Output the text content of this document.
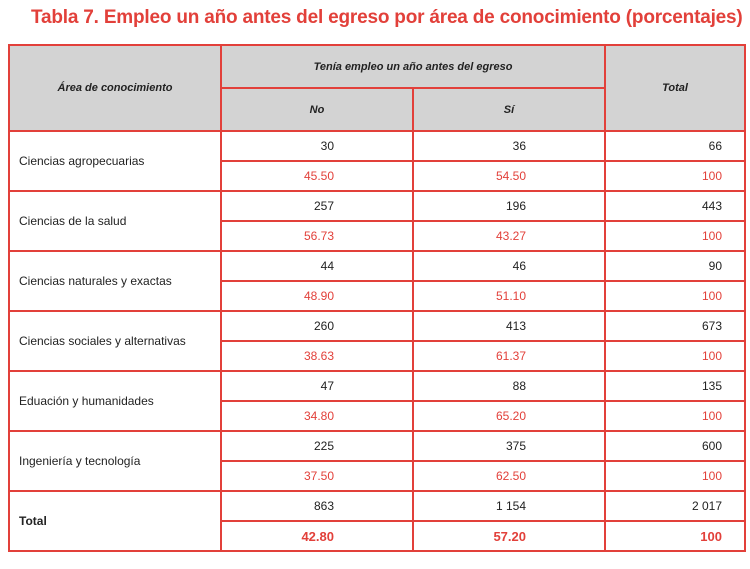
Tabla 7. Empleo un año antes del egreso por área de conocimiento (porcentajes)
Área de conocimiento	Tenía empleo un año antes del egreso		Total
	No	Sí	
Ciencias agropecuarias	30	36	66
	45.50	54.50	100
Ciencias de la salud	257	196	443
	56.73	43.27	100
Ciencias naturales y exactas	44	46	90
	48.90	51.10	100
Ciencias sociales y alternativas	260	413	673
	38.63	61.37	100
Eduación y humanidades	47	88	135
	34.80	65.20	100
Ingeniería y tecnología	225	375	600
	37.50	62.50	100
Total	863	1 154	2 017
	42.80	57.20	100
